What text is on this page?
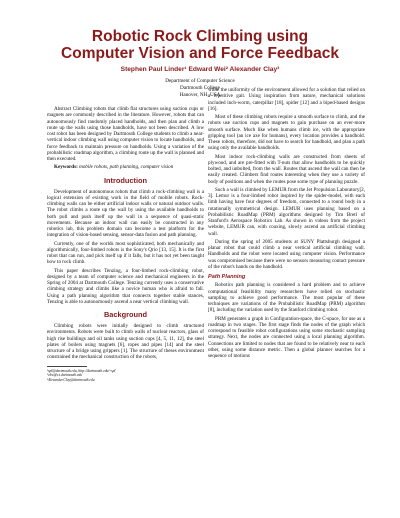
Robotic Rock Climbing using
Computer Vision and Force Feedback
Stephen Paul Linder¹ Edward Wei² Alexander Clay³
Department of Computer Science
Dartmouth College
Hanover, NH, USA

Abstract Climbing robots that climb flat structures using suction cups or magnets are commonly described in the literature. However, robots that can autonomously find randomly placed handholds, and then plan and climb a route up the walls using those handholds, have not been described. A low cost robot has been designed by Dartmouth College students to climb a near-vertical indoor climbing wall using computer vision to locate handholds, and force feedback to maintain pressure on handholds. Using a variation of the probabilistic roadmap algorithm, a climbing route up the wall is planned and then executed.

Keywords: mobile robots, path planning, computer vision

Introduction

Development of autonomous robots that climb a rock-climbing wall is a logical extension of existing work in the field of mobile robots. Rock-climbing walls can be either artificial indoor walls or natural outdoor walls. The robot climbs a route up the wall by using the available handholds to both pull and push itself up the wall in a sequence of quasi-static movements. Because an indoor wall can easily be constructed in any robotics lab, this problem domain can become a test platform for the integration of vision-based sensing, sensor-data fusion and path planning.

Currently, one of the worlds most sophisticated, both mechanically and algorithmically, four-limbed robots is the Sony's Qrio [13, 15]. It is the first robot that can run, and pick itself up if it falls, but it has not yet been taught how to rock climb.

This paper describes Tenzing, a four-limbed rock-climbing robot, designed by a team of computer science and mechanical engineers in the Spring of 2004 at Dartmouth College. Tenzing currently uses a conservative climbing strategy and climbs like a novice human who is afraid to fall. Using a path planning algorithm that connects together stable stances, Tenzing is able to autonomously ascend a near vertical climbing wall.

Background

Climbing robots were initially designed to climb structured environments. Robots were built to climb walls of nuclear reactors, glass of high rise buildings and oil tanks using suction cups [4, 5, 11, 12], the steel plates of boilers using magnets [6], ropes and pipes [14] and the steel structure of a bridge using grippers [1]. The structure of theses environment constrained the mechanical construction of the robots,

¹spl@dartmouth.edu, http://dartmouth.edu/~spl
²ehw@cs.dartmouth.edu
³Alexander.Clay@dartmouth.edu

while the uniformity of the environment allowed for a solution that relied on a repetitive gait. Using inspiration from nature, mechanical solutions included inch-worm, caterpillar [18], spider [12] and a biped-based designs [16].

Most of these climbing robots require a smooth surface to climb, and the robots use suction cups and magnets to gain purchase on an ever-more smooth surface. Much like when humans climb ice, with the appropriate gripping tool (an ice axe for humans), every location provides a handhold. These robots, therefore, did not have to search for handhold, and plan a path using only the available handholds.

Most indoor rock-climbing walls are constructed from sheets of plywood, and are pre-fitted with T-nuts that allow handholds to be quickly bolted, and unbolted, from the wall. Routes that ascend the wall can then be easily created. Climbers find routes interesting when they use a variety of body of positions and when the routes pose some type of planning puzzle.

Such a wall is climbed by LEMUR from the Jet Propulsion Laboratory[2, 3]. Lemur is a four-limbed robot inspired by the spider-model, with each limb having have four degrees of freedom, connected to a round body in a rotationally symmetrical design. LEMUR uses planning based on a Probabilistic RoadMap (PRM) algorithms designed by Tim Bretl of Stanford's Aerospace Robotics Lab. As shown in videos from the project website, LEMUR can, with coaxing, slowly ascend an artificial climbing wall.

During the spring of 2005 students at SUNY Plattsburgh designed a planar robot that could climb a near vertical artificial climbing wall. Handholds and the robot were located using computer vision. Performance was compromised because there were no sensors measuring contact pressure of the robot's hands on the handhold.

Path Planning

Robotics path planning is considered a hard problem and to achieve computational feasibility many researchers have relied on stochastic sampling to achieve good performance. The most popular of these techniques are variations of the Probabilistic RoadMap (PRM) algorithm [8], including the variation used by the Stanford climbing robot.

PRM generates a graph in Configuration-space, the C-space, for use as a roadmap in two stages. The first stage finds the nodes of the graph which correspond to feasible robot configurations using some stochastic sampling strategy. Next, the nodes are connected using a local planning algorithm. Connections are limited to nodes that are found to be relatively near to each other, using some distance metric. Then a global planner searches for a sequence of motions
